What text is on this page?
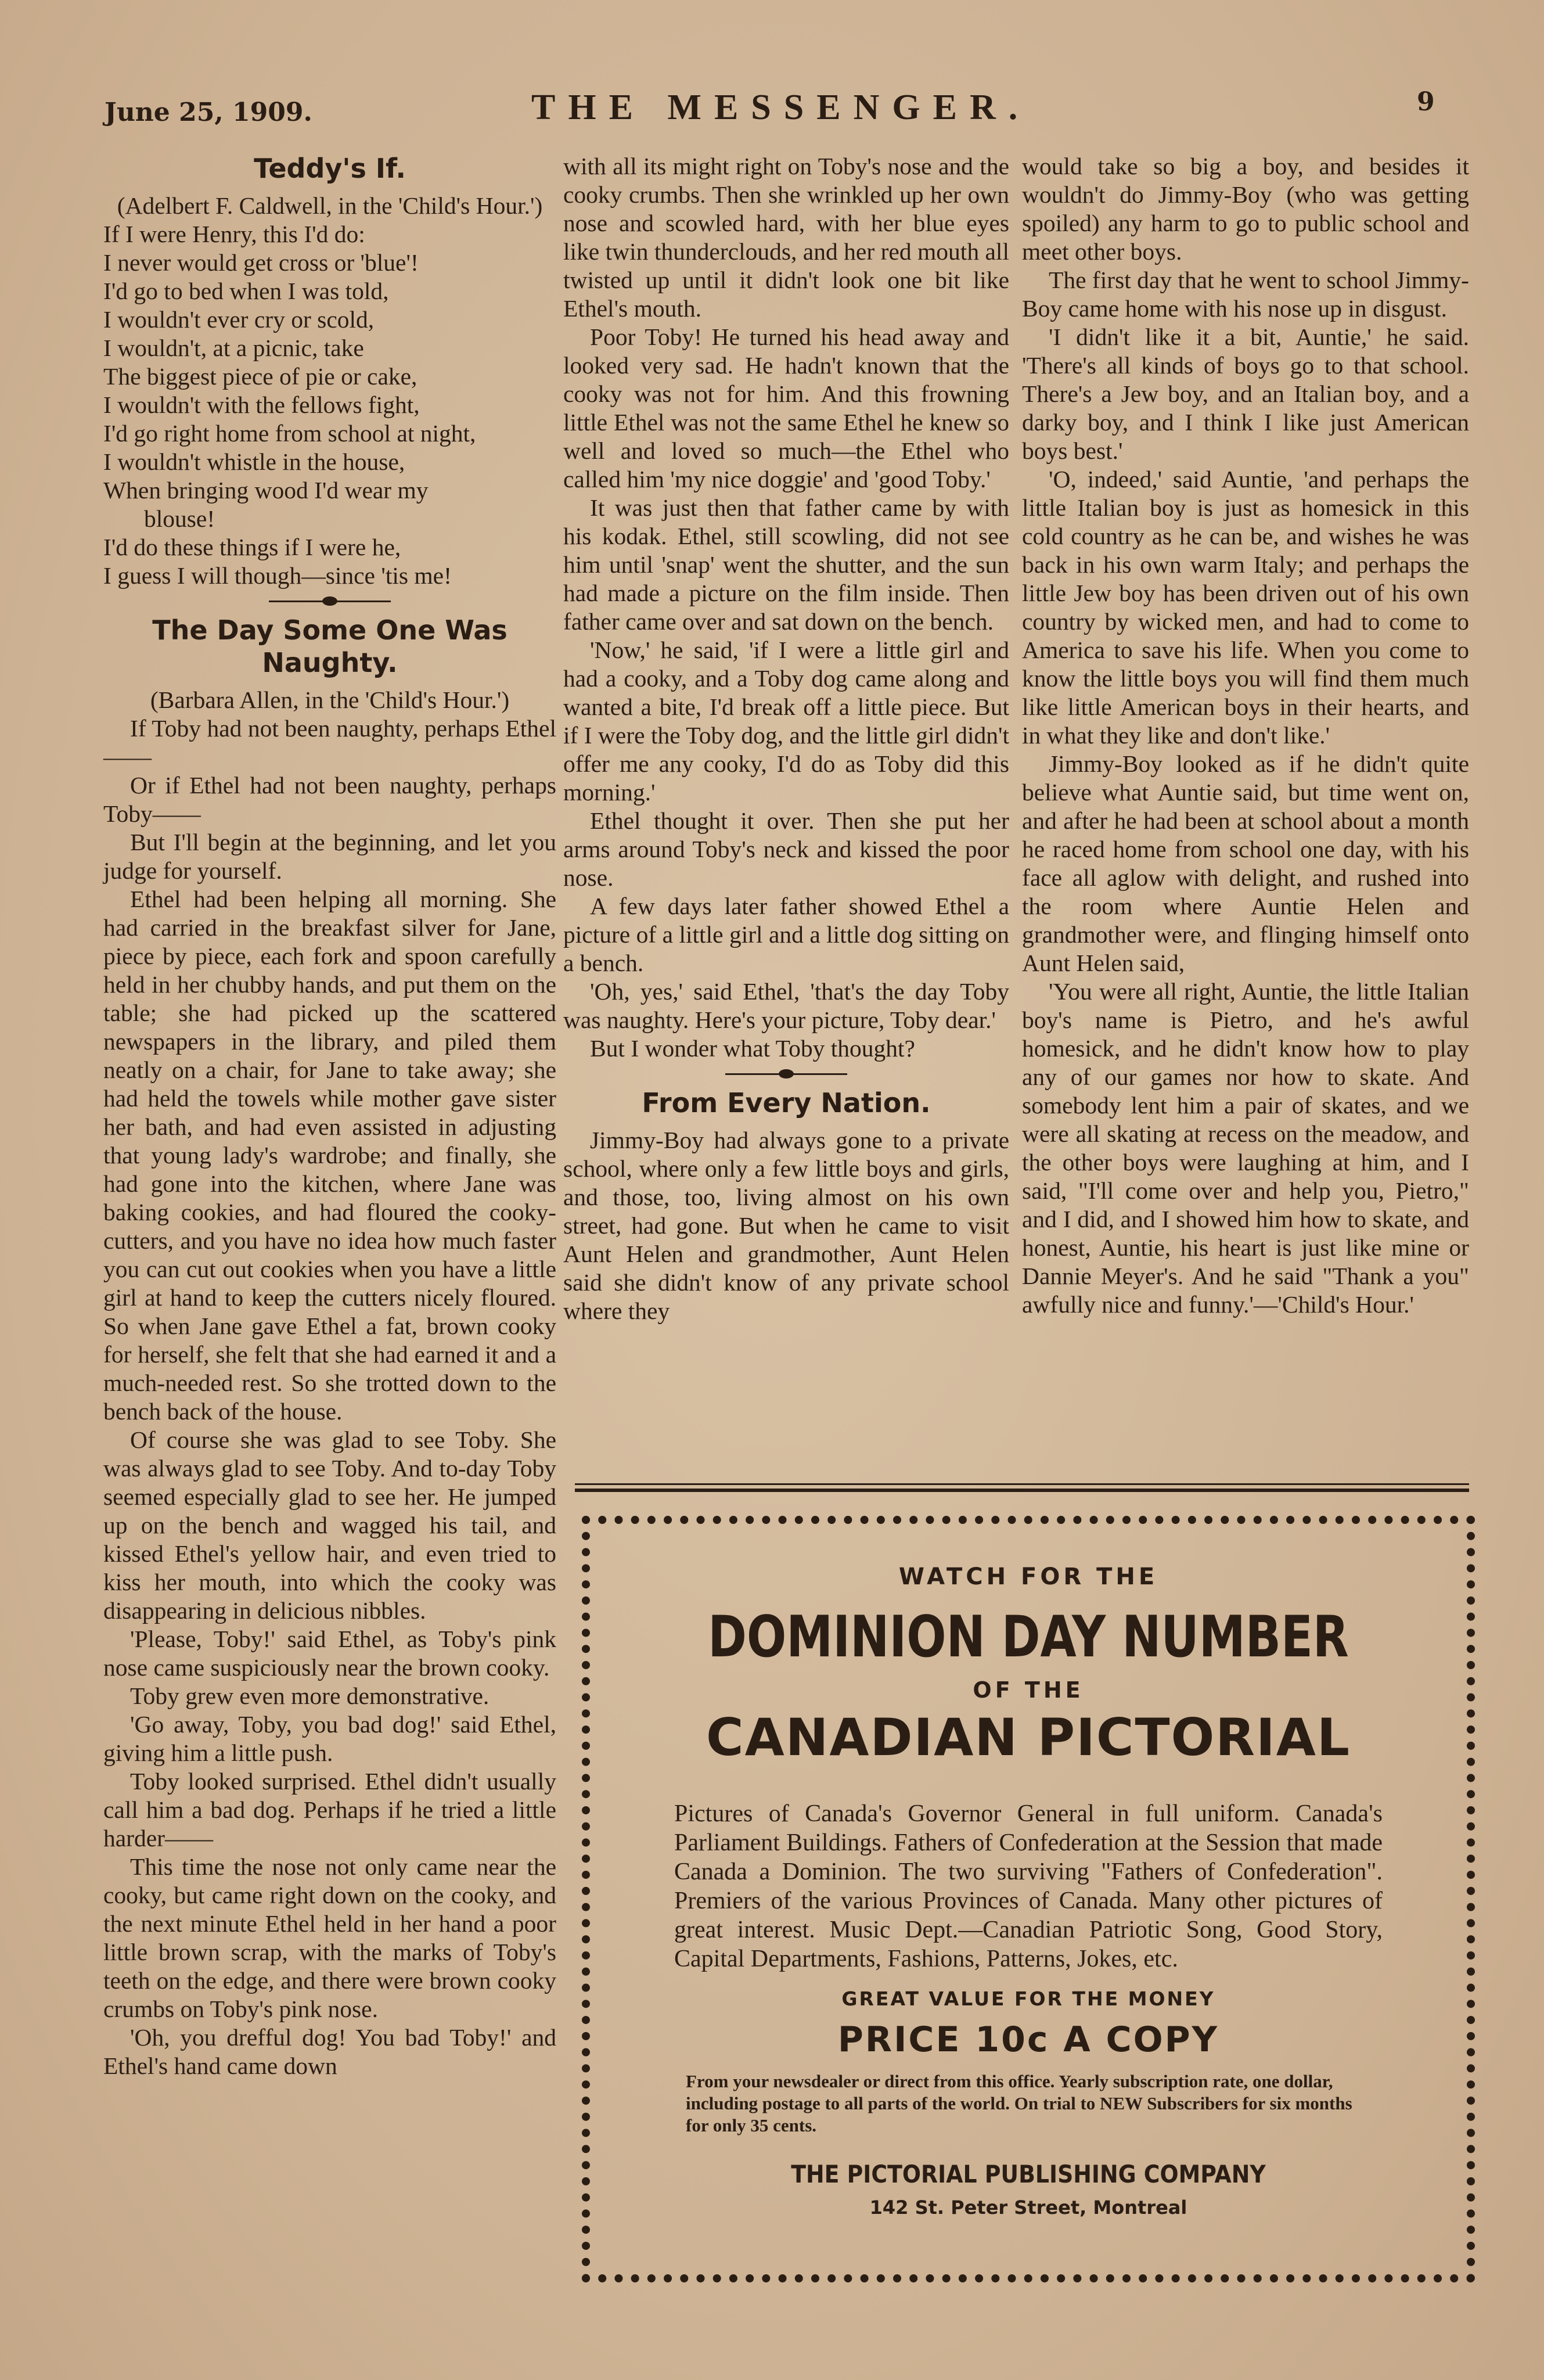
June 25, 1909.	THE MESSENGER.	9
Teddy's If.

(Adelbert F. Caldwell, in the 'Child's Hour.')

If I were Henry, this I'd do:
I never would get cross or 'blue'!
I'd go to bed when I was told,
I wouldn't ever cry or scold,
I wouldn't, at a picnic, take
The biggest piece of pie or cake,
I wouldn't with the fellows fight,
I'd go right home from school at night,
I wouldn't whistle in the house,
When bringing wood I'd wear my
blouse!
I'd do these things if I were he,
I guess I will though—since 'tis me!
The Day Some One Was Naughty.

(Barbara Allen, in the 'Child's Hour.')

If Toby had not been naughty, perhaps Ethel——

Or if Ethel had not been naughty, perhaps Toby——

But I'll begin at the beginning, and let you judge for yourself.

Ethel had been helping all morning. She had carried in the breakfast silver for Jane, piece by piece, each fork and spoon carefully held in her chubby hands, and put them on the table; she had picked up the scattered newspapers in the library, and piled them neatly on a chair, for Jane to take away; she had held the towels while mother gave sister her bath, and had even assisted in adjusting that young lady's wardrobe; and finally, she had gone into the kitchen, where Jane was baking cookies, and had floured the cooky-cutters, and you have no idea how much faster you can cut out cookies when you have a little girl at hand to keep the cutters nicely floured. So when Jane gave Ethel a fat, brown cooky for herself, she felt that she had earned it and a much-needed rest. So she trotted down to the bench back of the house.

Of course she was glad to see Toby. She was always glad to see Toby. And to-day Toby seemed especially glad to see her. He jumped up on the bench and wagged his tail, and kissed Ethel's yellow hair, and even tried to kiss her mouth, into which the cooky was disappearing in delicious nibbles.

'Please, Toby!' said Ethel, as Toby's pink nose came suspiciously near the brown cooky.

Toby grew even more demonstrative.

'Go away, Toby, you bad dog!' said Ethel, giving him a little push.

Toby looked surprised. Ethel didn't usually call him a bad dog. Perhaps if he tried a little harder——

This time the nose not only came near the cooky, but came right down on the cooky, and the next minute Ethel held in her hand a poor little brown scrap, with the marks of Toby's teeth on the edge, and there were brown cooky crumbs on Toby's pink nose.

'Oh, you drefful dog! You bad Toby!' and Ethel's hand came down

with all its might right on Toby's nose and the cooky crumbs. Then she wrinkled up her own nose and scowled hard, with her blue eyes like twin thunderclouds, and her red mouth all twisted up until it didn't look one bit like Ethel's mouth.

Poor Toby! He turned his head away and looked very sad. He hadn't known that the cooky was not for him. And this frowning little Ethel was not the same Ethel he knew so well and loved so much—the Ethel who called him 'my nice doggie' and 'good Toby.'

It was just then that father came by with his kodak. Ethel, still scowling, did not see him until 'snap' went the shutter, and the sun had made a picture on the film inside. Then father came over and sat down on the bench.

'Now,' he said, 'if I were a little girl and had a cooky, and a Toby dog came along and wanted a bite, I'd break off a little piece. But if I were the Toby dog, and the little girl didn't offer me any cooky, I'd do as Toby did this morning.'

Ethel thought it over. Then she put her arms around Toby's neck and kissed the poor nose.

A few days later father showed Ethel a picture of a little girl and a little dog sitting on a bench.

'Oh, yes,' said Ethel, 'that's the day Toby was naughty. Here's your picture, Toby dear.'

But I wonder what Toby thought?

From Every Nation.

Jimmy-Boy had always gone to a private school, where only a few little boys and girls, and those, too, living almost on his own street, had gone. But when he came to visit Aunt Helen and grandmother, Aunt Helen said she didn't know of any private school where they

would take so big a boy, and besides it wouldn't do Jimmy-Boy (who was getting spoiled) any harm to go to public school and meet other boys.

The first day that he went to school Jimmy-Boy came home with his nose up in disgust.

'I didn't like it a bit, Auntie,' he said. 'There's all kinds of boys go to that school. There's a Jew boy, and an Italian boy, and a darky boy, and I think I like just American boys best.'

'O, indeed,' said Auntie, 'and perhaps the little Italian boy is just as homesick in this cold country as he can be, and wishes he was back in his own warm Italy; and perhaps the little Jew boy has been driven out of his own country by wicked men, and had to come to America to save his life. When you come to know the little boys you will find them much like little American boys in their hearts, and in what they like and don't like.'

Jimmy-Boy looked as if he didn't quite believe what Auntie said, but time went on, and after he had been at school about a month he raced home from school one day, with his face all aglow with delight, and rushed into the room where Auntie Helen and grandmother were, and flinging himself onto Aunt Helen said,

'You were all right, Auntie, the little Italian boy's name is Pietro, and he's awful homesick, and he didn't know how to play any of our games nor how to skate. And somebody lent him a pair of skates, and we were all skating at recess on the meadow, and the other boys were laughing at him, and I said, "I'll come over and help you, Pietro," and I did, and I showed him how to skate, and honest, Auntie, his heart is just like mine or Dannie Meyer's. And he said "Thank a you" awfully nice and funny.'—'Child's Hour.'

WATCH FOR THE
DOMINION DAY NUMBER
OF THE
CANADIAN PICTORIAL
Pictures of Canada's Governor General in full uniform. Canada's Parliament Buildings. Fathers of Confederation at the Session that made Canada a Dominion. The two surviving "Fathers of Confederation". Premiers of the various Provinces of Canada. Many other pictures of great interest. Music Dept.—Canadian Patriotic Song, Good Story, Capital Departments, Fashions, Patterns, Jokes, etc.
GREAT VALUE FOR THE MONEY
PRICE 10c A COPY
From your newsdealer or direct from this office. Yearly subscription rate, one dollar, including postage to all parts of the world. On trial to NEW Subscribers for six months for only 35 cents.
THE PICTORIAL PUBLISHING COMPANY
142 St. Peter Street, Montreal
